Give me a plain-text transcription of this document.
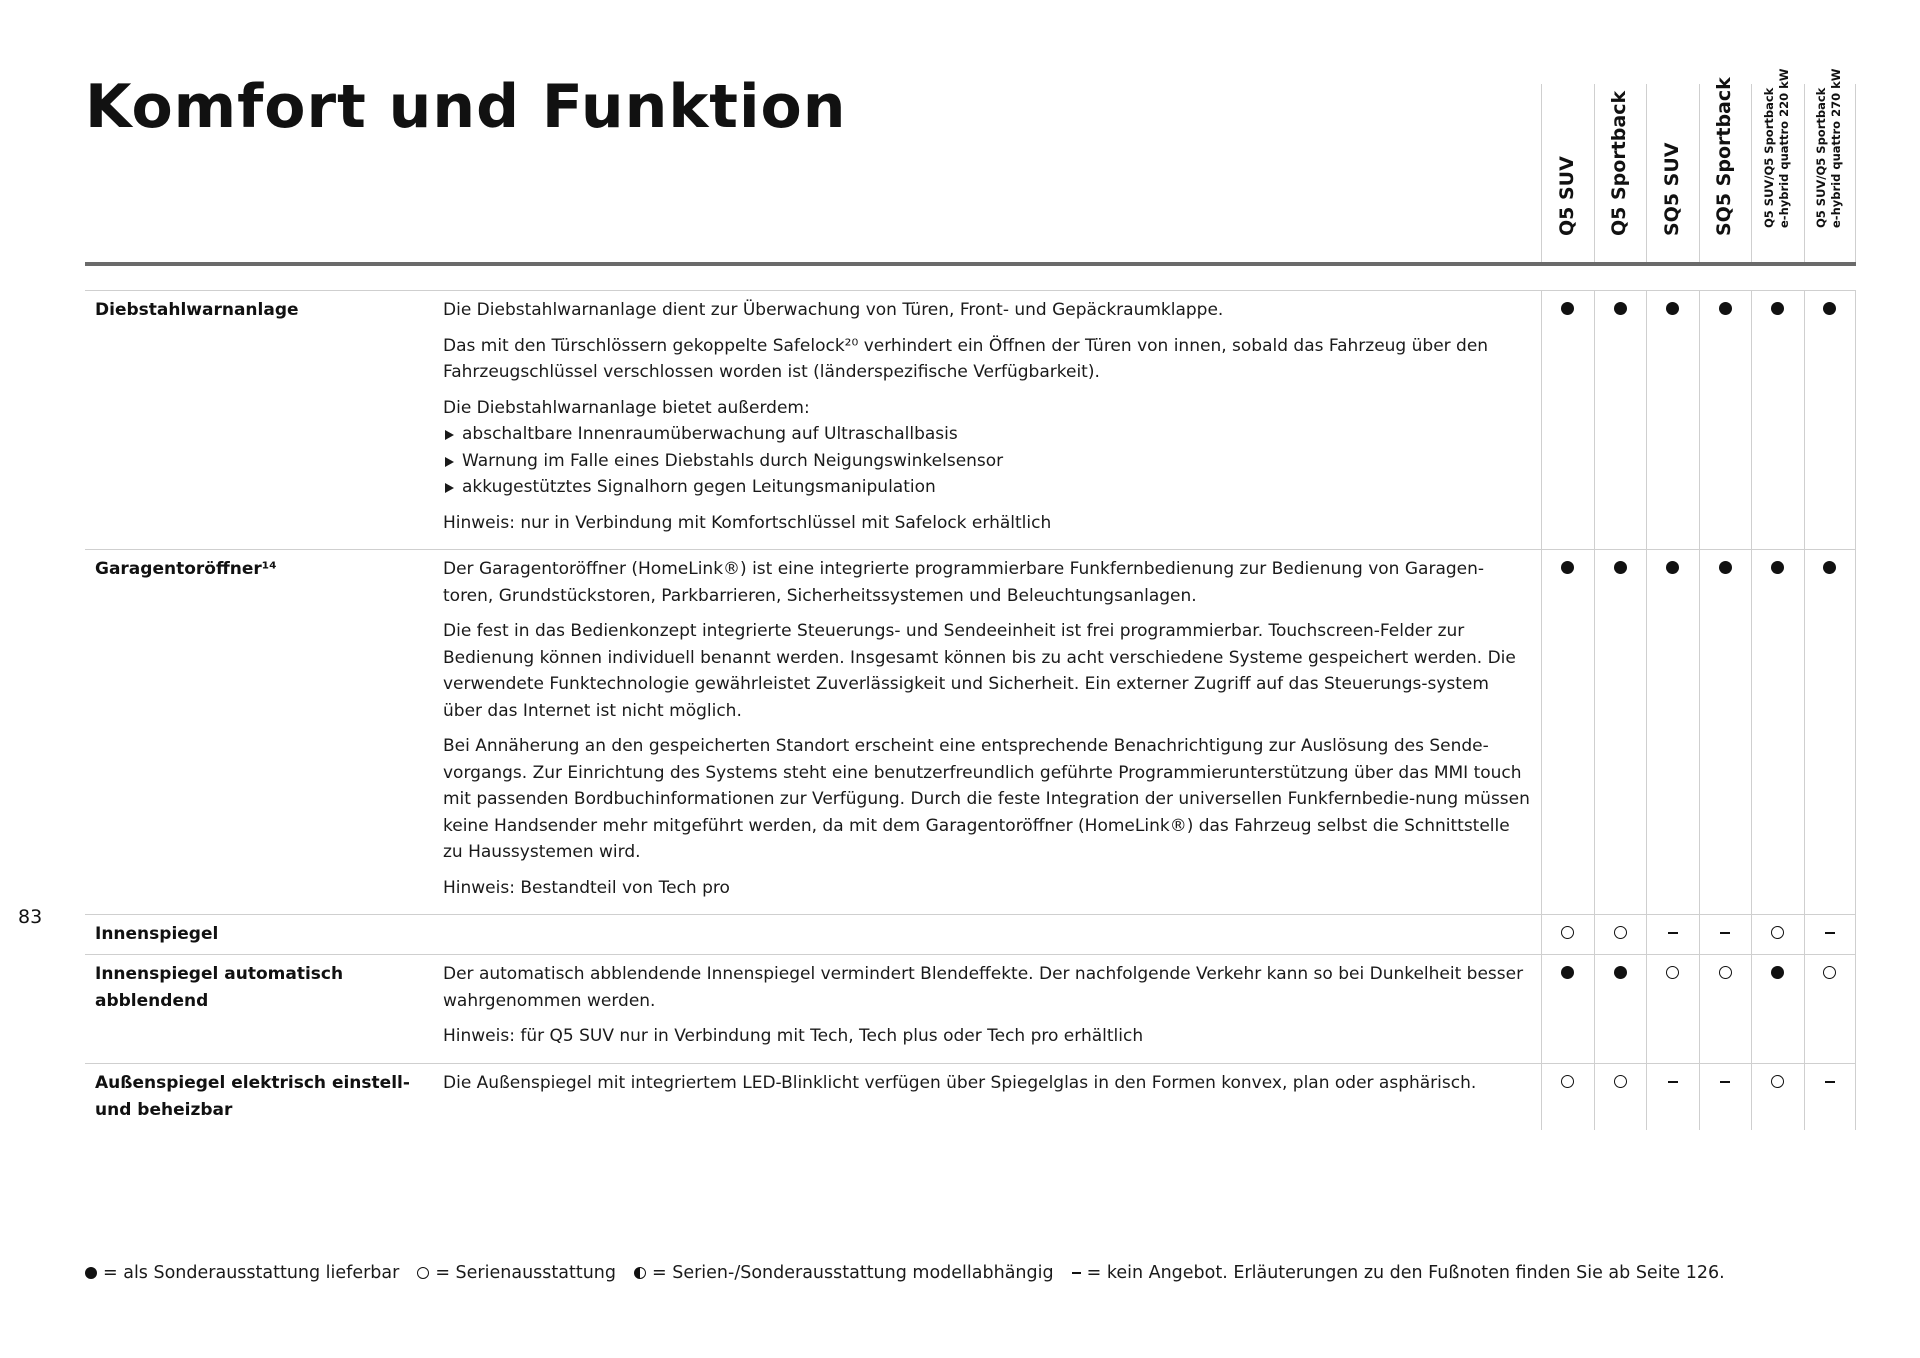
Komfort und Funktion
Q5 SUV Q5 Sportback SQ5 SUV SQ5 Sportback Q5 SUV/Q5 Sportback e-hybrid quattro 220 kW Q5 SUV/Q5 Sportback e-hybrid quattro 270 kW
Diebstahlwarnanlage	Die Diebstahlwarnanlage dient zur Überwachung von Türen, Front- und Gepäckraumklappe.

Das mit den Türschlössern gekoppelte Safelock²⁰ verhindert ein Öffnen der Türen von innen, sobald das Fahrzeug über den Fahrzeugschlüssel verschlossen worden ist (länderspezifische Verfügbarkeit).

Die Diebstahlwarnanlage bietet außerdem:

abschaltbare Innenraumüberwachung auf Ultraschallbasis
Warnung im Falle eines Diebstahls durch Neigungswinkelsensor
akkugestütztes Signalhorn gegen Leitungsmanipulation

Hinweis: nur in Verbindung mit Komfortschlüssel mit Safelock erhältlich

Garagentoröffner¹⁴	Der Garagentoröffner (HomeLink®) ist eine integrierte programmierbare Funkfernbedienung zur Bedienung von Garagen-toren, Grundstückstoren, Parkbarrieren, Sicherheitssystemen und Beleuchtungsanlagen.

Die fest in das Bedienkonzept integrierte Steuerungs- und Sendeeinheit ist frei programmierbar. Touchscreen-Felder zur Bedienung können individuell benannt werden. Insgesamt können bis zu acht verschiedene Systeme gespeichert werden. Die verwendete Funktechnologie gewährleistet Zuverlässigkeit und Sicherheit. Ein externer Zugriff auf das Steuerungs-system über das Internet ist nicht möglich.

Bei Annäherung an den gespeicherten Standort erscheint eine entsprechende Benachrichtigung zur Auslösung des Sende-vorgangs. Zur Einrichtung des Systems steht eine benutzerfreundlich geführte Programmierunterstützung über das MMI touch mit passenden Bordbuchinformationen zur Verfügung. Durch die feste Integration der universellen Funkfernbedie-nung müssen keine Handsender mehr mitgeführt werden, da mit dem Garagentoröffner (HomeLink®) das Fahrzeug selbst die Schnittstelle zu Haussystemen wird.

Hinweis: Bestandteil von Tech pro

Innenspiegel
Innenspiegel automatisch abblendend

Der automatisch abblendende Innenspiegel vermindert Blendeffekte. Der nachfolgende Verkehr kann so bei Dunkelheit besser wahrgenommen werden.

Hinweis: für Q5 SUV nur in Verbindung mit Tech, Tech plus oder Tech pro erhältlich

Außenspiegel elektrisch einstell-und beheizbar

Die Außenspiegel mit integriertem LED-Blinklicht verfügen über Spiegelglas in den Formen konvex, plan oder asphärisch.

83
= als Sonderausstattung lieferbar = Serienausstattung = Serien-/Sonderausstattung modellabhängig = kein Angebot. Erläuterungen zu den Fußnoten finden Sie ab Seite 126.
